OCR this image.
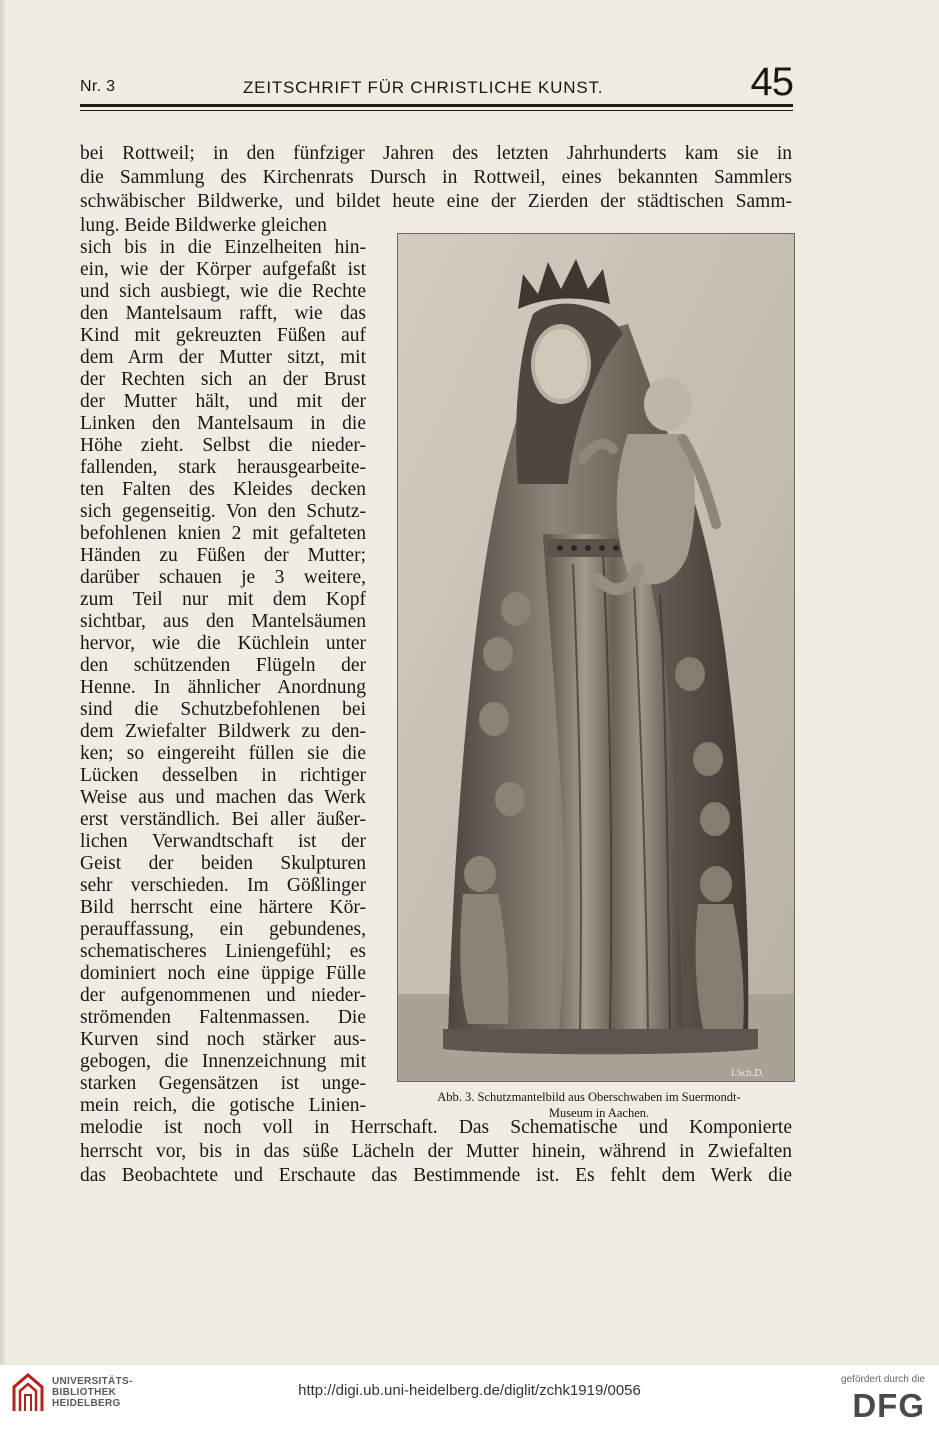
Nr. 3	ZEITSCHRIFT FÜR CHRISTLICHE KUNST.	45
bei Rottweil; in den fünfziger Jahren des letzten Jahrhunderts kam sie in
die Sammlung des Kirchenrats Dursch in Rottweil, eines bekannten Sammlers
schwäbischer Bildwerke, und bildet heute eine der Zierden der städtischen Samm-
lung. Beide Bildwerke gleichen
sich bis in die Einzelheiten hin-
ein, wie der Körper aufgefaßt ist
und sich ausbiegt, wie die Rechte
den Mantelsaum rafft, wie das
Kind mit gekreuzten Füßen auf
dem Arm der Mutter sitzt, mit
der Rechten sich an der Brust
der Mutter hält, und mit der
Linken den Mantelsaum in die
Höhe zieht. Selbst die nieder-
fallenden, stark herausgearbeite-
ten Falten des Kleides decken
sich gegenseitig. Von den Schutz-
befohlenen knien 2 mit gefalteten
Händen zu Füßen der Mutter;
darüber schauen je 3 weitere,
zum Teil nur mit dem Kopf
sichtbar, aus den Mantelsäumen
hervor, wie die Küchlein unter
den schützenden Flügeln der
Henne. In ähnlicher Anordnung
sind die Schutzbefohlenen bei
dem Zwiefalter Bildwerk zu den-
ken; so eingereiht füllen sie die
Lücken desselben in richtiger
Weise aus und machen das Werk
erst verständlich. Bei aller äußer-
lichen Verwandtschaft ist der
Geist der beiden Skulpturen
sehr verschieden. Im Gößlinger
Bild herrscht eine härtere Kör-
perauffassung, ein gebundenes,
schematischeres Liniengefühl; es
dominiert noch eine üppige Fülle
der aufgenommenen und nieder-
strömenden Faltenmassen. Die
Kurven sind noch stärker aus-
gebogen, die Innenzeichnung mit
starken Gegensätzen ist unge-
mein reich, die gotische Linien-
melodie ist noch voll in Herrschaft. Das Schematische und Komponierte
herrscht vor, bis in das süße Lächeln der Mutter hinein, während in Zwiefalten
das Beobachtete und Erschaute das Bestimmende ist. Es fehlt dem Werk die
I.Sch.D.
Abb. 3. Schutzmantelbild aus Oberschwaben im Suermondt-
Museum in Aachen.
UNIVERSITÄTS-
BIBLIOTHEK
HEIDELBERG
http://digi.ub.uni-heidelberg.de/diglit/zchk1919/0056
gefördert durch die
DFG
